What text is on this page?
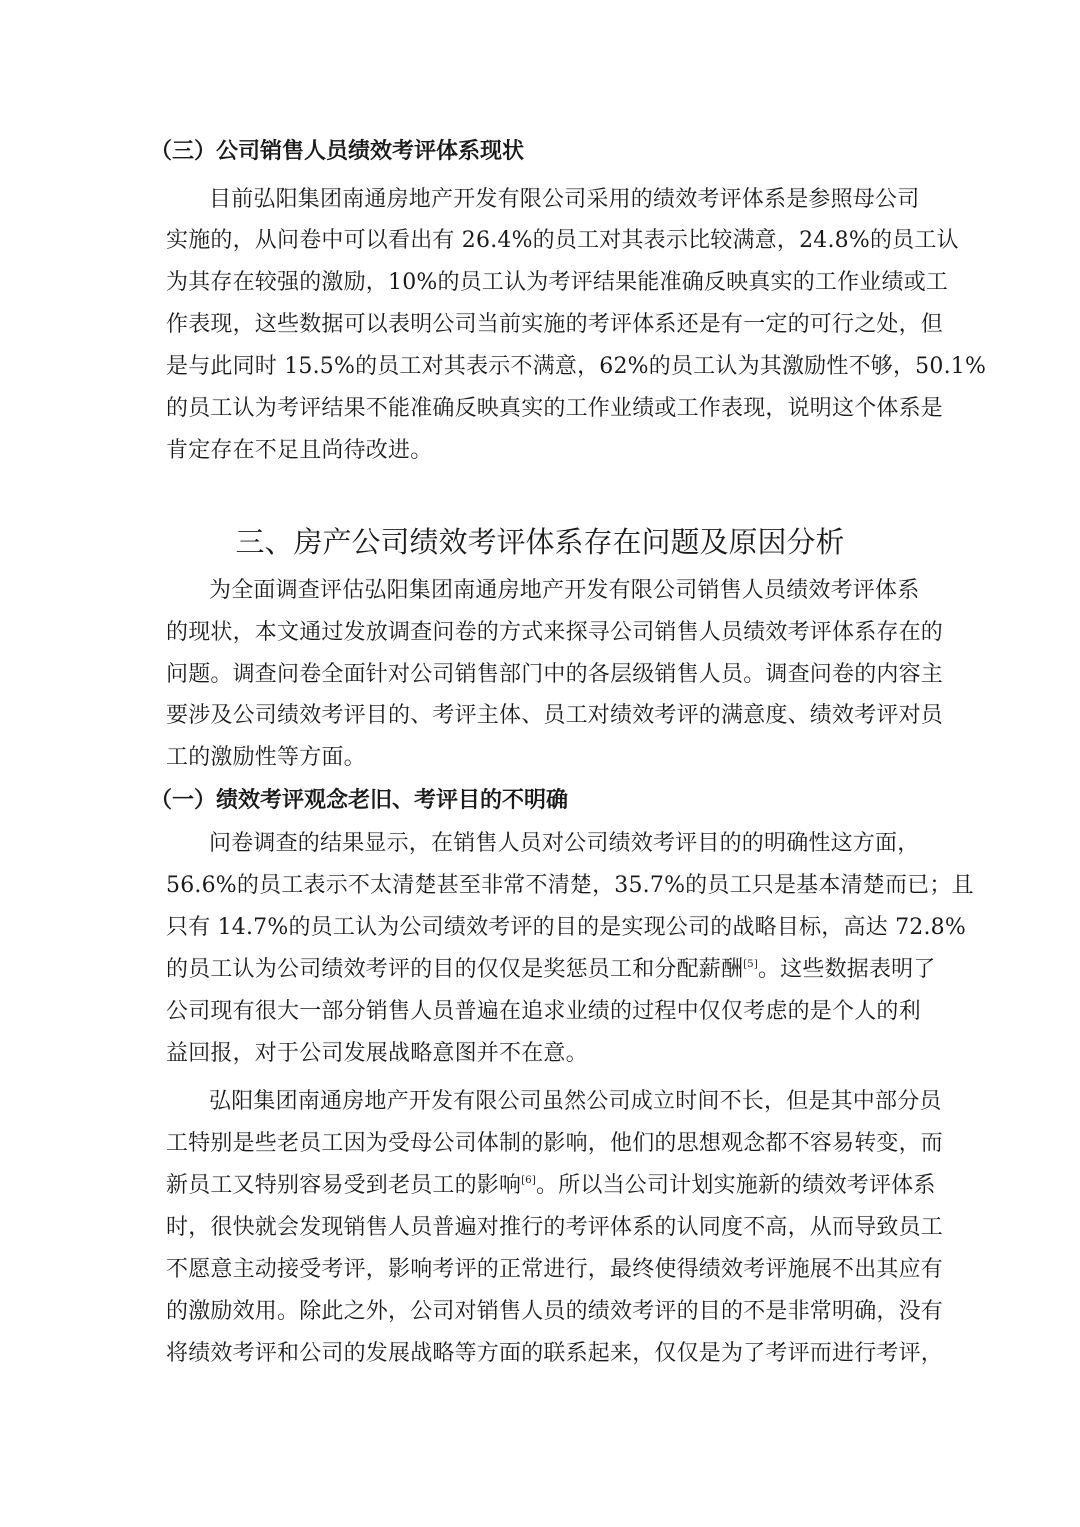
（三）公司销售人员绩效考评体系现状
目前弘阳集团南通房地产开发有限公司采用的绩效考评体系是参照母公司
实施的，从问卷中可以看出有 26.4%的员工对其表示比较满意，24.8%的员工认
为其存在较强的激励，10%的员工认为考评结果能准确反映真实的工作业绩或工
作表现，这些数据可以表明公司当前实施的考评体系还是有一定的可行之处，但
是与此同时 15.5%的员工对其表示不满意，62%的员工认为其激励性不够，50.1%
的员工认为考评结果不能准确反映真实的工作业绩或工作表现，说明这个体系是
肯定存在不足且尚待改进。
三、房产公司绩效考评体系存在问题及原因分析
为全面调查评估弘阳集团南通房地产开发有限公司销售人员绩效考评体系
的现状，本文通过发放调查问卷的方式来探寻公司销售人员绩效考评体系存在的
问题。调查问卷全面针对公司销售部门中的各层级销售人员。调查问卷的内容主
要涉及公司绩效考评目的、考评主体、员工对绩效考评的满意度、绩效考评对员
工的激励性等方面。
（一）绩效考评观念老旧、考评目的不明确
问卷调查的结果显示，在销售人员对公司绩效考评目的的明确性这方面，
56.6%的员工表示不太清楚甚至非常不清楚，35.7%的员工只是基本清楚而已；且
只有 14.7%的员工认为公司绩效考评的目的是实现公司的战略目标，高达 72.8%
的员工认为公司绩效考评的目的仅仅是奖惩员工和分配薪酬[5]。这些数据表明了
公司现有很大一部分销售人员普遍在追求业绩的过程中仅仅考虑的是个人的利
益回报，对于公司发展战略意图并不在意。
弘阳集团南通房地产开发有限公司虽然公司成立时间不长，但是其中部分员
工特别是些老员工因为受母公司体制的影响，他们的思想观念都不容易转变，而
新员工又特别容易受到老员工的影响[6]。所以当公司计划实施新的绩效考评体系
时，很快就会发现销售人员普遍对推行的考评体系的认同度不高，从而导致员工
不愿意主动接受考评，影响考评的正常进行，最终使得绩效考评施展不出其应有
的激励效用。除此之外，公司对销售人员的绩效考评的目的不是非常明确，没有
将绩效考评和公司的发展战略等方面的联系起来，仅仅是为了考评而进行考评，
